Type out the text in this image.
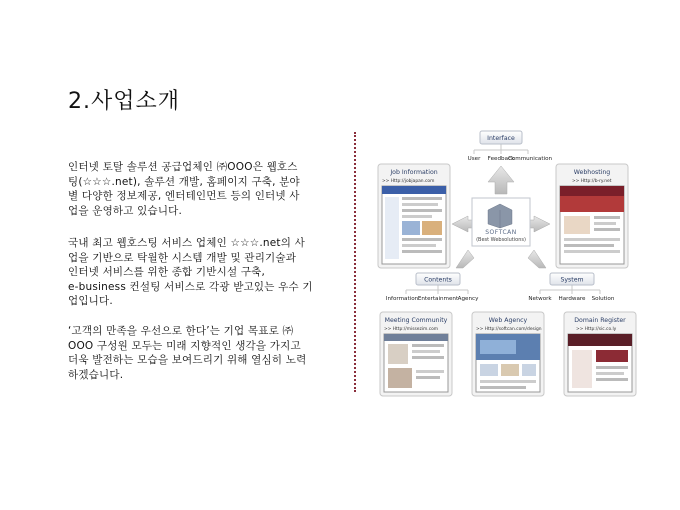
2.사업소개
인터넷 토탈 솔루션 공급업체인 ㈜OOO은 웹호스
팅(☆☆☆.net), 솔루션 개발, 홈페이지 구축, 분야
별 다양한 정보제공, 엔터테인먼트 등의 인터넷 사
업을 운영하고 있습니다.
국내 최고 웹호스팅 서비스 업체인 ☆☆☆.net의 사
업을 기반으로 탁월한 시스템 개발 및 관리기술과
인터넷 서비스를 위한 종합 기반시설 구축,
e-business 컨설팅 서비스로 각광 받고있는 우수 기
업입니다.
‘고객의 만족을 우선으로 한다’는 기업 목표로 ㈜
OOO 구성원 모두는 미래 지향적인 생각을 가지고
더욱 발전하는 모습을 보여드리기 위해 열심히 노력
하겠습니다.
Interface
User Feedback
Communication
SOFTCAN
(Best Websolutions)
Contents
Information Entertainment Agency
System
Network Hardware Solution
Job Information
>> Http://jobjapan.com
Webhosting
>> Http://b-ry.net
Meeting Community
>> Http://missezim.com
Web Agency
>> Http://softcan.com/design
Domain Register
>> Http://sic.co.ly
